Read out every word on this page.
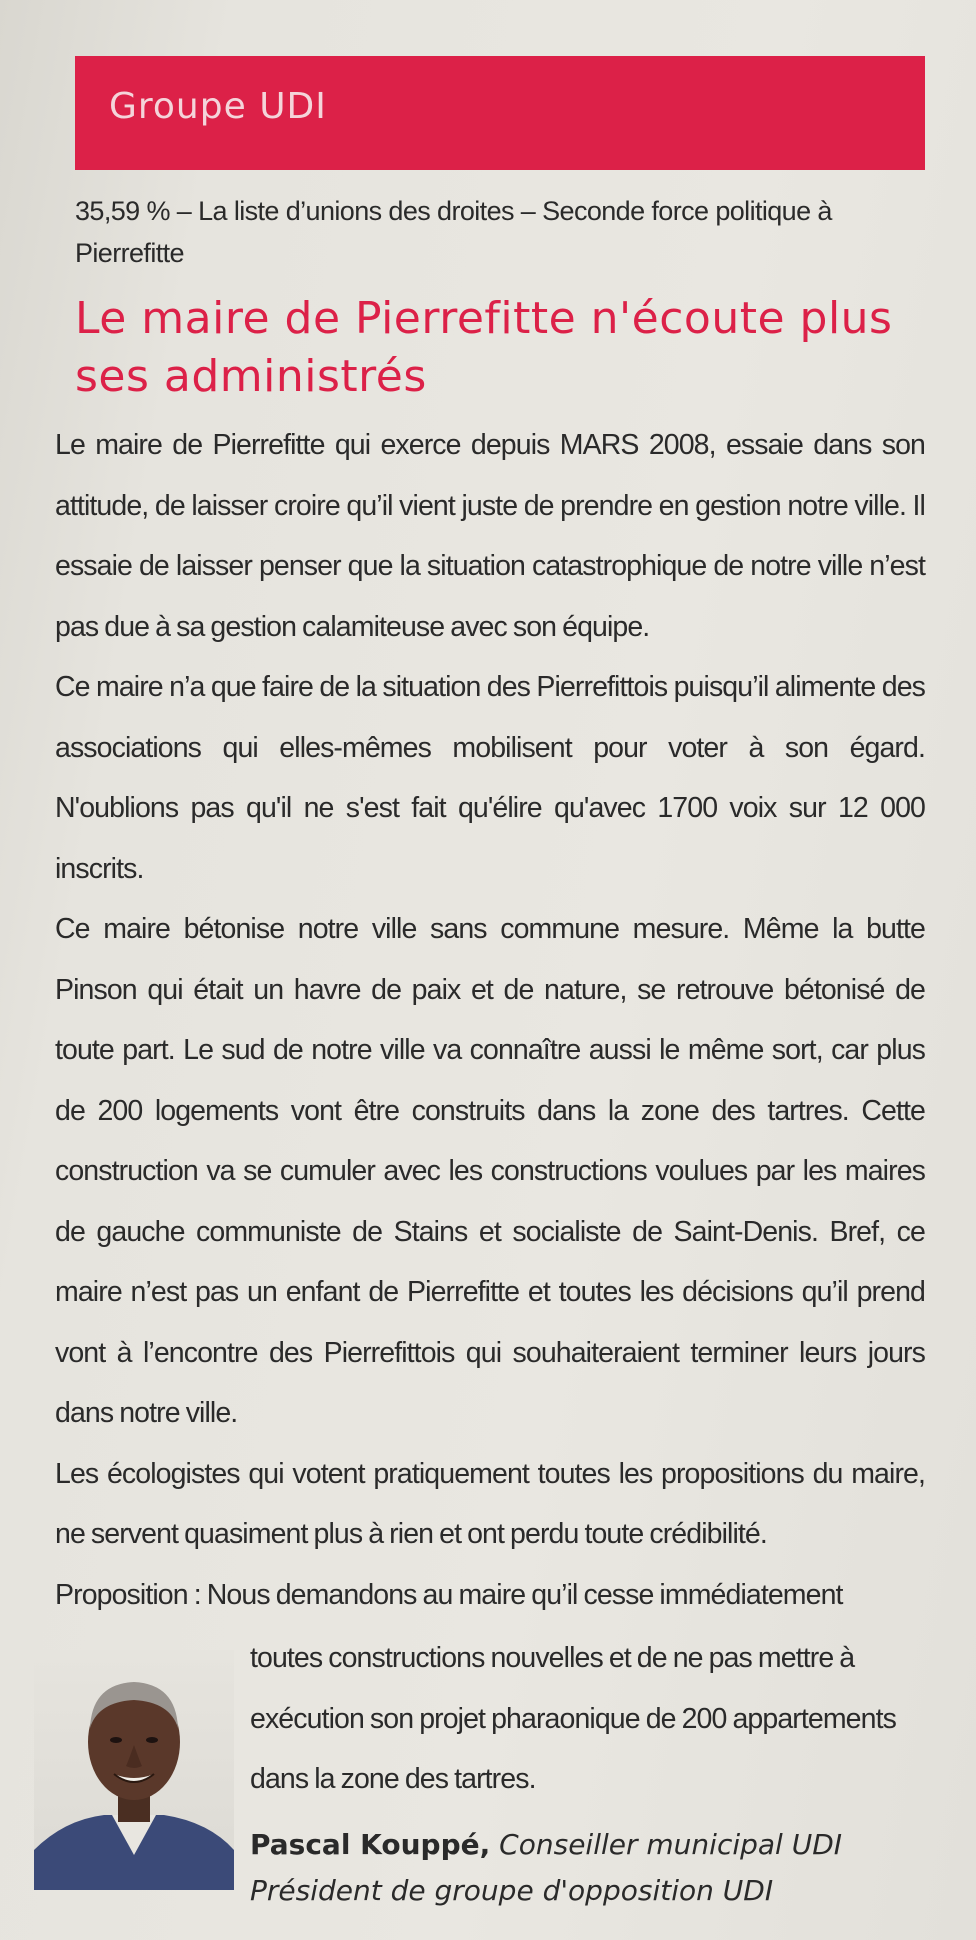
Groupe UDI
35,59 % – La liste d’unions des droites – Seconde force politique à Pierrefitte
Le maire de Pierrefitte n'écoute plus ses administrés

Le maire de Pierrefitte qui exerce depuis MARS 2008, essaie dans son attitude, de laisser croire qu’il vient juste de prendre en gestion notre ville. Il essaie de laisser penser que la situation catastrophique de notre ville n’est pas due à sa gestion calamiteuse avec son équipe.

Ce maire n’a que faire de la situation des Pierrefittois puisqu’il alimente des associations qui elles-mêmes mobilisent pour voter à son égard. N'oublions pas qu'il ne s'est fait qu'élire qu'avec 1700 voix sur 12 000 inscrits.

Ce maire bétonise notre ville sans commune mesure. Même la butte Pinson qui était un havre de paix et de nature, se retrouve bétonisé de toute part. Le sud de notre ville va connaître aussi le même sort, car plus de 200 logements vont être construits dans la zone des tartres. Cette construction va se cumuler avec les constructions voulues par les maires de gauche communiste de Stains et socialiste de Saint-Denis. Bref, ce maire n’est pas un enfant de Pierrefitte et toutes les décisions qu’il prend vont à l’encontre des Pierrefittois qui souhaiteraient terminer leurs jours dans notre ville.

Les écologistes qui votent pratiquement toutes les propositions du maire, ne servent quasiment plus à rien et ont perdu toute crédibilité.

Proposition : Nous demandons au maire qu’il cesse immédiatement

toutes constructions nouvelles et de ne pas mettre à exécution son projet pharaonique de 200 appartements dans la zone des tartres.
Pascal Kouppé, Conseiller municipal UDI
Président de groupe d'opposition UDI
